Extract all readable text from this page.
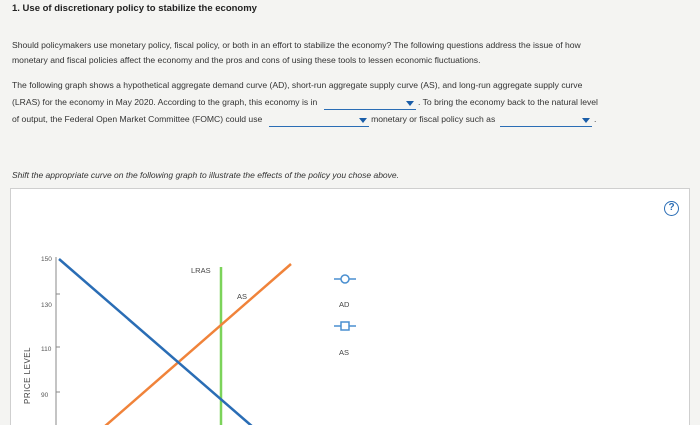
1. Use of discretionary policy to stabilize the economy
Should policymakers use monetary policy, fiscal policy, or both in an effort to stabilize the economy? The following questions address the issue of how
monetary and fiscal policies affect the economy and the pros and cons of using these tools to lessen economic fluctuations.
The following graph shows a hypothetical aggregate demand curve (AD), short-run aggregate supply curve (AS), and long-run aggregate supply curve
(LRAS) for the economy in May 2020. According to the graph, this economy is in	. To bring the economy back to the natural level
of output, the Federal Open Market Committee (FOMC) could use	monetary or fiscal policy such as	.
Shift the appropriate curve on the following graph to illustrate the effects of the policy you chose above.
?
150
130
110
90
PRICE LEVEL
LRAS
AS
AD
AS
